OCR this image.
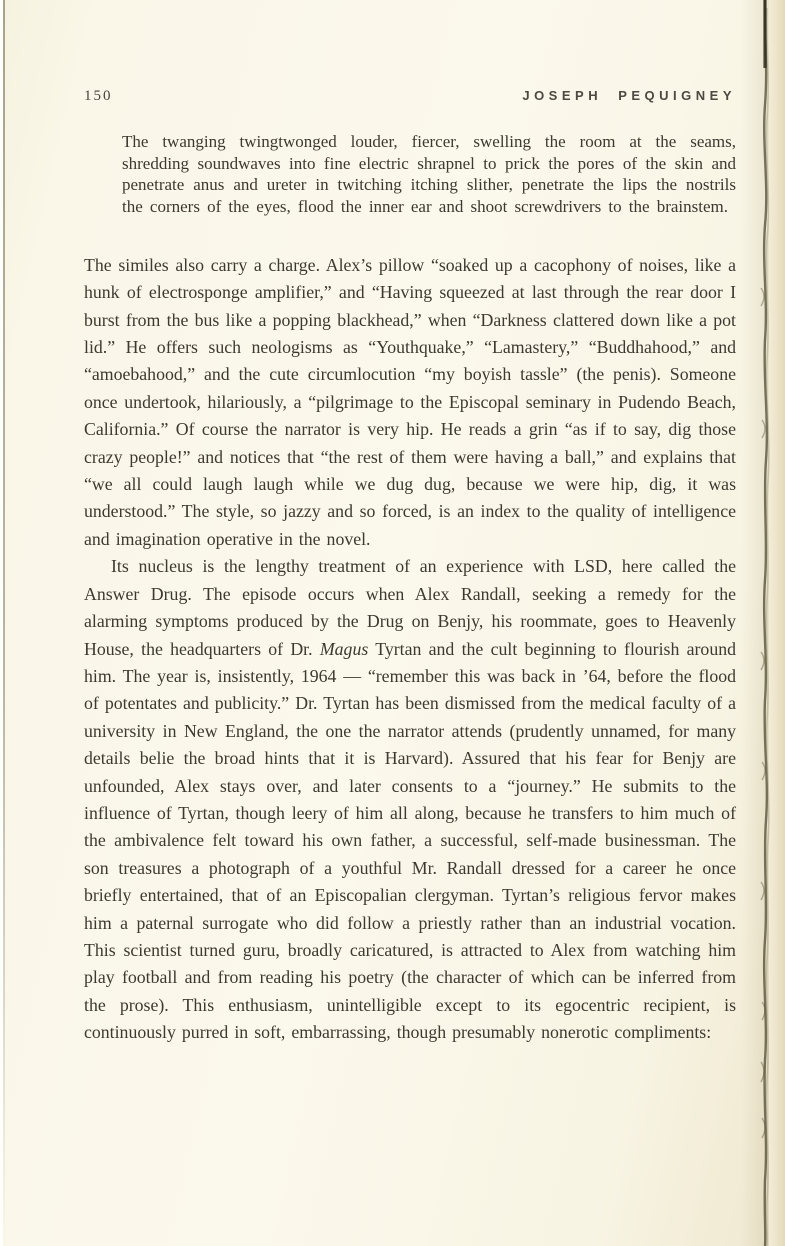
150	JOSEPH PEQUIGNEY
The twanging twingtwonged louder, fiercer, swelling the room at the seams, shredding soundwaves into fine electric shrapnel to prick the pores of the skin and penetrate anus and ureter in twitching itching slither, penetrate the lips the nostrils the corners of the eyes, flood the inner ear and shoot screwdrivers to the brainstem.

The similes also carry a charge. Alex’s pillow “soaked up a cacophony of noises, like a hunk of electrosponge amplifier,” and “Having squeezed at last through the rear door I burst from the bus like a popping blackhead,” when “Darkness clattered down like a pot lid.” He offers such neologisms as “Youthquake,” “Lamastery,” “Buddhahood,” and “amoebahood,” and the cute circumlocution “my boyish tassle” (the penis). Someone once undertook, hilariously, a “pilgrimage to the Episcopal seminary in Pudendo Beach, California.” Of course the narrator is very hip. He reads a grin “as if to say, dig those crazy people!” and notices that “the rest of them were having a ball,” and explains that “we all could laugh laugh while we dug dug, because we were hip, dig, it was understood.” The style, so jazzy and so forced, is an index to the quality of intelligence and imagination operative in the novel.

Its nucleus is the lengthy treatment of an experience with LSD, here called the Answer Drug. The episode occurs when Alex Randall, seeking a remedy for the alarming symptoms produced by the Drug on Benjy, his roommate, goes to Heavenly House, the headquarters of Dr. Magus Tyrtan and the cult beginning to flourish around him. The year is, insistently, 1964 — “remember this was back in ’64, before the flood of potentates and publicity.” Dr. Tyrtan has been dismissed from the medical faculty of a university in New England, the one the narrator attends (prudently unnamed, for many details belie the broad hints that it is Harvard). Assured that his fear for Benjy are unfounded, Alex stays over, and later consents to a “journey.” He submits to the influence of Tyrtan, though leery of him all along, because he transfers to him much of the ambivalence felt toward his own father, a successful, self-made businessman. The son treasures a photograph of a youthful Mr. Randall dressed for a career he once briefly entertained, that of an Episcopalian clergyman. Tyrtan’s religious fervor makes him a paternal surrogate who did follow a priestly rather than an industrial vocation. This scientist turned guru, broadly caricatured, is attracted to Alex from watching him play football and from reading his poetry (the character of which can be inferred from the prose). This enthusiasm, unintelligible except to its egocentric recipient, is continuously purred in soft, embarrassing, though presumably nonerotic compliments:
